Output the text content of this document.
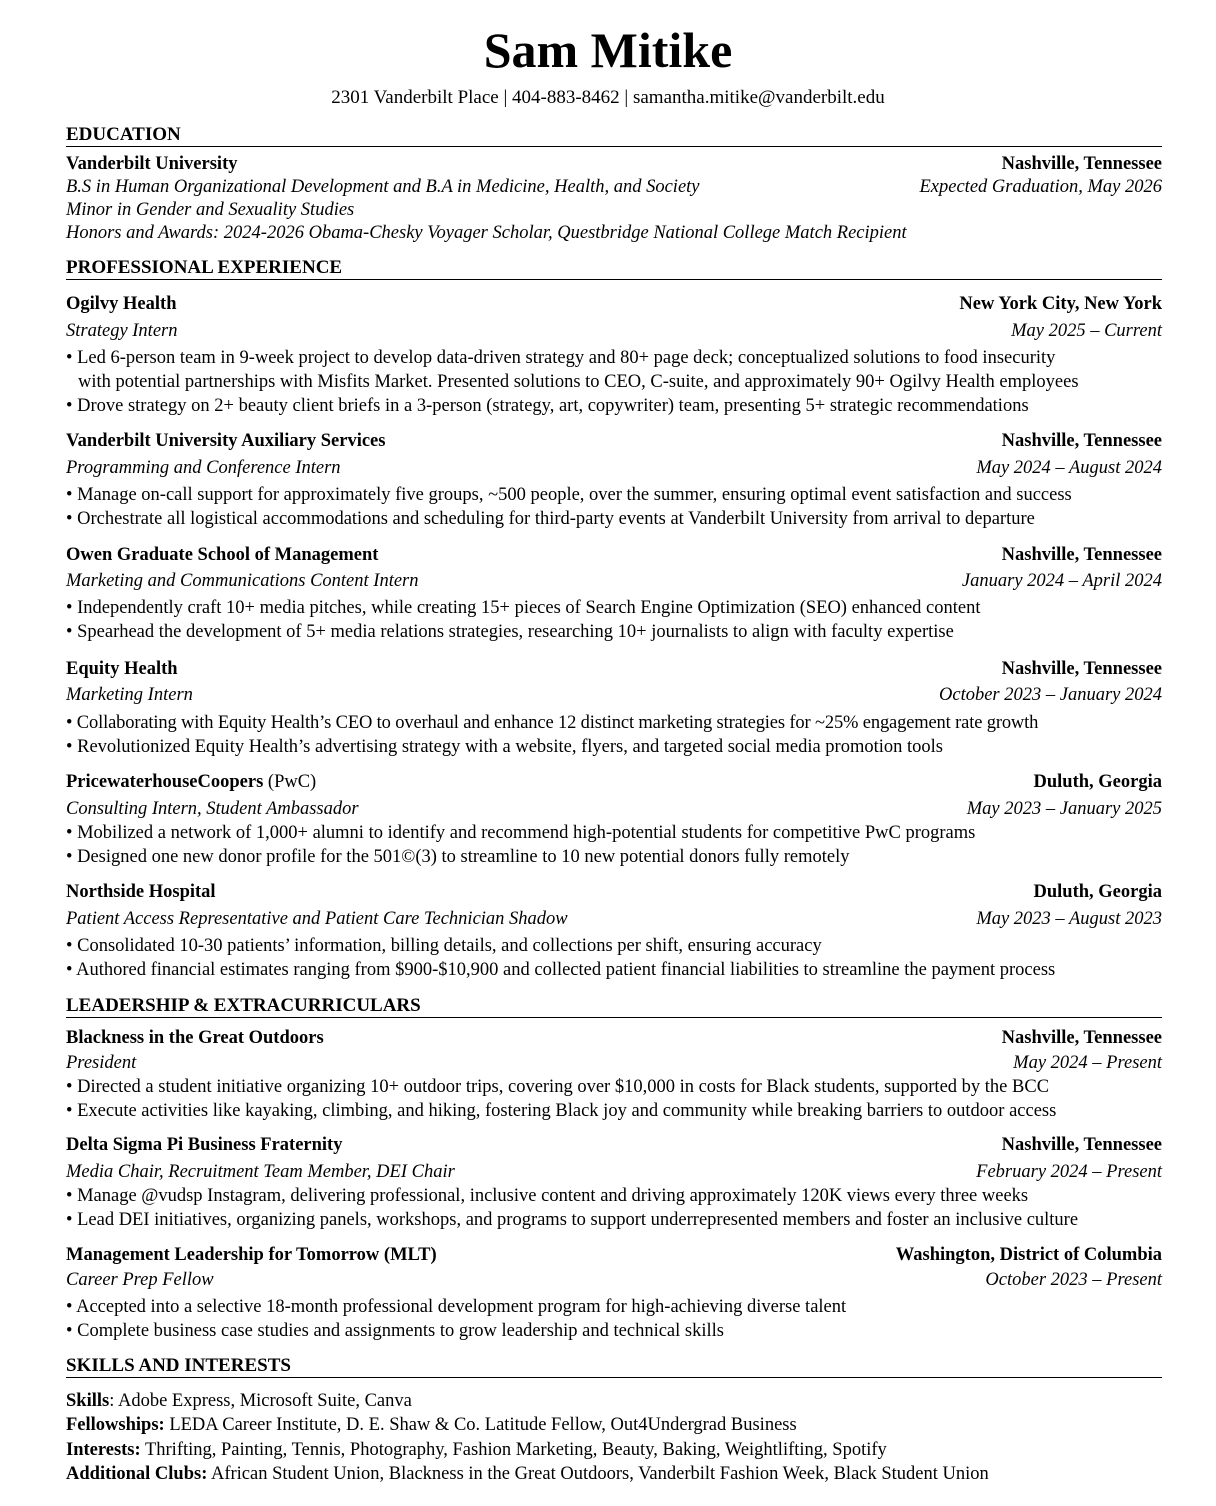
Sam Mitike
2301 Vanderbilt Place | 404-883-8462 | samantha.mitike@vanderbilt.edu
EDUCATION
Vanderbilt University	Nashville, Tennessee
B.S in Human Organizational Development and B.A in Medicine, Health, and Society	Expected Graduation, May 2026
Minor in Gender and Sexuality Studies
Honors and Awards: 2024-2026 Obama-Chesky Voyager Scholar, Questbridge National College Match Recipient
PROFESSIONAL EXPERIENCE
Ogilvy Health	New York City, New York
Strategy Intern	May 2025 – Current
• Led 6-person team in 9-week project to develop data-driven strategy and 80+ page deck; conceptualized solutions to food insecurity
with potential partnerships with Misfits Market. Presented solutions to CEO, C-suite, and approximately 90+ Ogilvy Health employees
• Drove strategy on 2+ beauty client briefs in a 3-person (strategy, art, copywriter) team, presenting 5+ strategic recommendations
Vanderbilt University Auxiliary Services	Nashville, Tennessee
Programming and Conference Intern	May 2024 – August 2024
• Manage on-call support for approximately five groups, ~500 people, over the summer, ensuring optimal event satisfaction and success
• Orchestrate all logistical accommodations and scheduling for third-party events at Vanderbilt University from arrival to departure
Owen Graduate School of Management	Nashville, Tennessee
Marketing and Communications Content Intern	January 2024 – April 2024
• Independently craft 10+ media pitches, while creating 15+ pieces of Search Engine Optimization (SEO) enhanced content
• Spearhead the development of 5+ media relations strategies, researching 10+ journalists to align with faculty expertise
Equity Health	Nashville, Tennessee
Marketing Intern	October 2023 – January 2024
• Collaborating with Equity Health’s CEO to overhaul and enhance 12 distinct marketing strategies for ~25% engagement rate growth
• Revolutionized Equity Health’s advertising strategy with a website, flyers, and targeted social media promotion tools
PricewaterhouseCoopers (PwC)	Duluth, Georgia
Consulting Intern, Student Ambassador	May 2023 – January 2025
• Mobilized a network of 1,000+ alumni to identify and recommend high-potential students for competitive PwC programs
• Designed one new donor profile for the 501©(3) to streamline to 10 new potential donors fully remotely
Northside Hospital	Duluth, Georgia
Patient Access Representative and Patient Care Technician Shadow	May 2023 – August 2023
• Consolidated 10-30 patients’ information, billing details, and collections per shift, ensuring accuracy
• Authored financial estimates ranging from $900-$10,900 and collected patient financial liabilities to streamline the payment process
LEADERSHIP & EXTRACURRICULARS
Blackness in the Great Outdoors	Nashville, Tennessee
President	May 2024 – Present
• Directed a student initiative organizing 10+ outdoor trips, covering over $10,000 in costs for Black students, supported by the BCC
• Execute activities like kayaking, climbing, and hiking, fostering Black joy and community while breaking barriers to outdoor access
Delta Sigma Pi Business Fraternity	Nashville, Tennessee
Media Chair, Recruitment Team Member, DEI Chair	February 2024 – Present
• Manage @vudsp Instagram, delivering professional, inclusive content and driving approximately 120K views every three weeks
• Lead DEI initiatives, organizing panels, workshops, and programs to support underrepresented members and foster an inclusive culture
Management Leadership for Tomorrow (MLT)	Washington, District of Columbia
Career Prep Fellow	October 2023 – Present
• Accepted into a selective 18-month professional development program for high-achieving diverse talent
• Complete business case studies and assignments to grow leadership and technical skills
SKILLS AND INTERESTS
Skills: Adobe Express, Microsoft Suite, Canva
Fellowships: LEDA Career Institute, D. E. Shaw & Co. Latitude Fellow, Out4Undergrad Business
Interests: Thrifting, Painting, Tennis, Photography, Fashion Marketing, Beauty, Baking, Weightlifting, Spotify
Additional Clubs: African Student Union, Blackness in the Great Outdoors, Vanderbilt Fashion Week, Black Student Union
